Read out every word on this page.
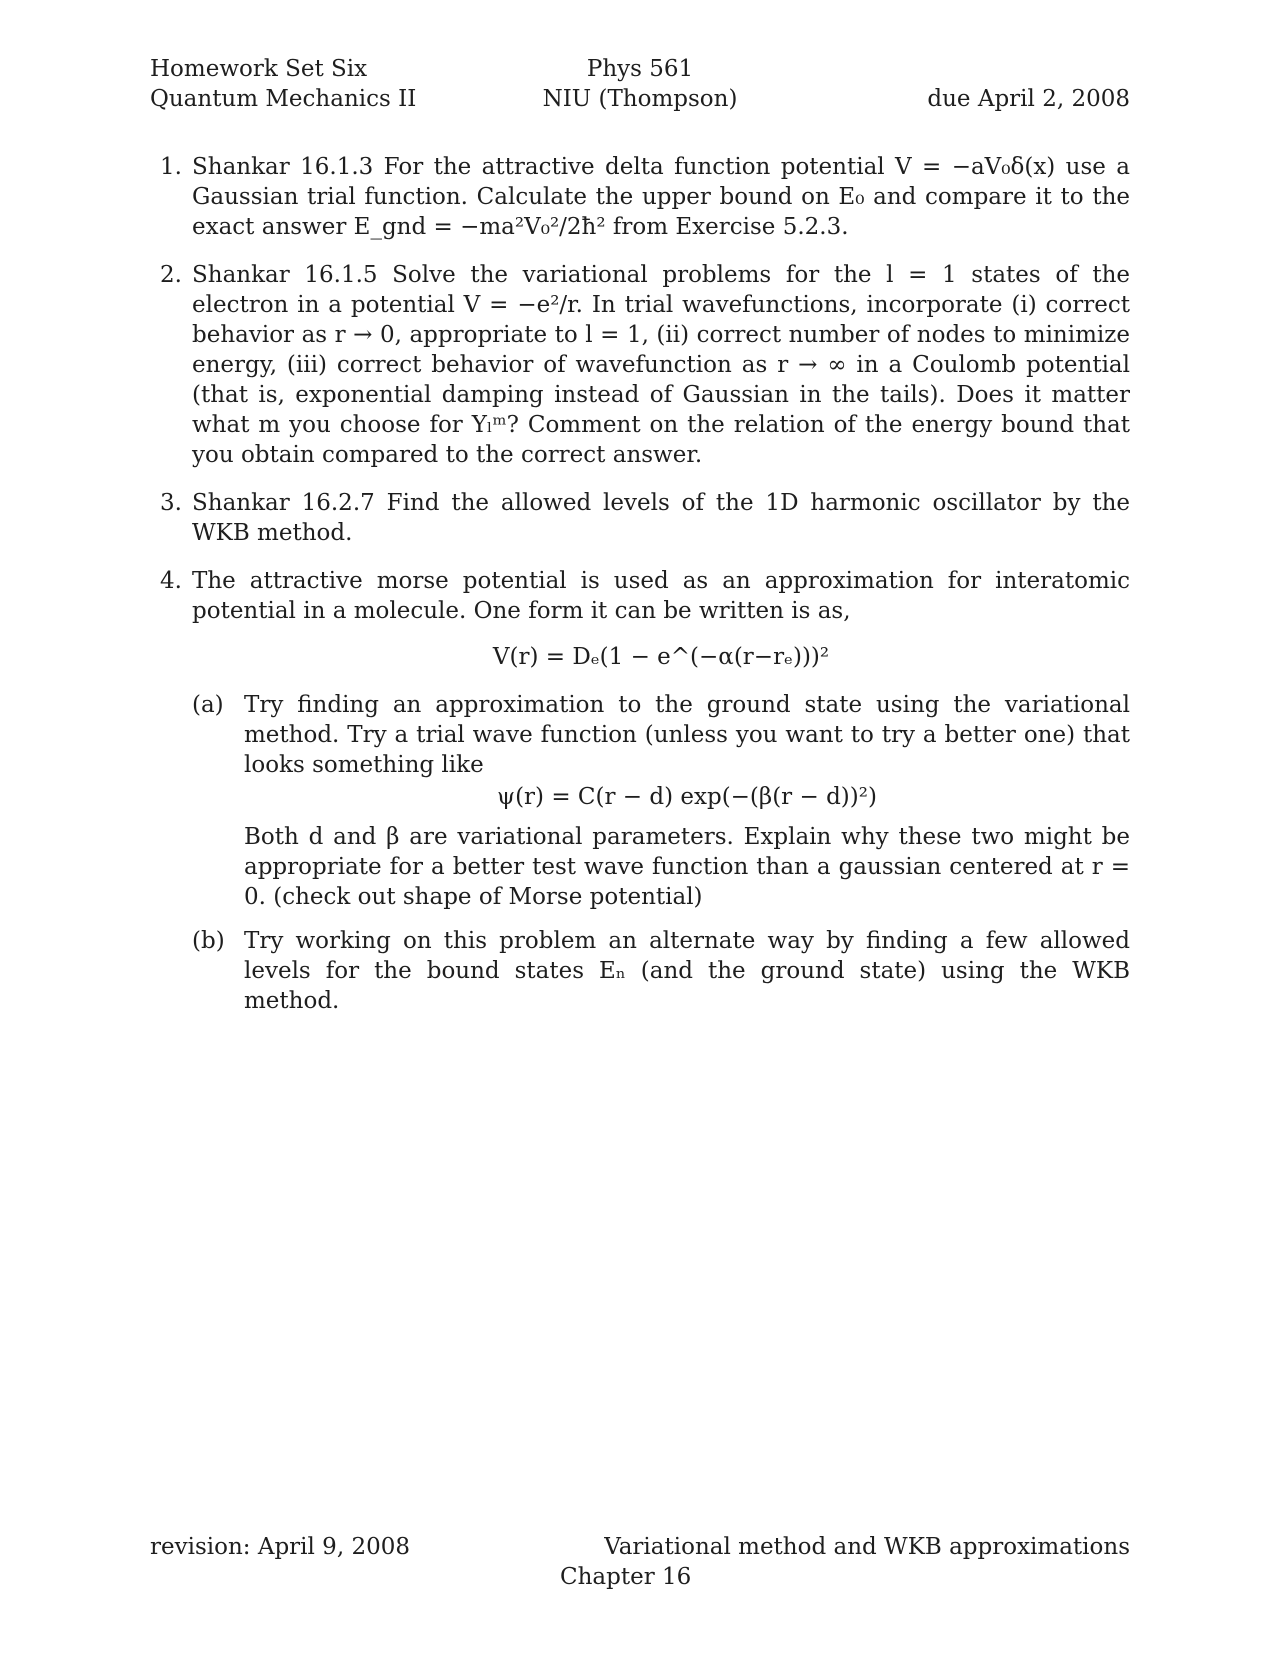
Homework Set Six
Quantum Mechanics II
Phys 561
NIU (Thompson)	due April 2, 2008
1. Shankar 16.1.3 For the attractive delta function potential V = −aV₀δ(x) use a Gaussian trial function. Calculate the upper bound on E₀ and compare it to the exact answer E_gnd = −ma²V₀²/2ħ² from Exercise 5.2.3.

2. Shankar 16.1.5 Solve the variational problems for the l = 1 states of the electron in a potential V = −e²/r. In trial wavefunctions, incorporate (i) correct behavior as r → 0, appropriate to l = 1, (ii) correct number of nodes to minimize energy, (iii) correct behavior of wavefunction as r → ∞ in a Coulomb potential (that is, exponential damping instead of Gaussian in the tails). Does it matter what m you choose for Yₗᵐ? Comment on the relation of the energy bound that you obtain compared to the correct answer.

3. Shankar 16.2.7 Find the allowed levels of the 1D harmonic oscillator by the WKB method.

4. The attractive morse potential is used as an approximation for interatomic potential in a molecule. One form it can be written is as,

V(r) = Dₑ(1 − e^(−α(r−rₑ)))²
(a) Try finding an approximation to the ground state using the variational method. Try a trial wave function (unless you want to try a better one) that looks something like

ψ(r) = C(r − d) exp(−(β(r − d))²)

Both d and β are variational parameters. Explain why these two might be appropriate for a better test wave function than a gaussian centered at r = 0. (check out shape of Morse potential)

(b) Try working on this problem an alternate way by finding a few allowed levels for the bound states Eₙ (and the ground state) using the WKB method.

revision: April 9, 2008	Variational method and WKB approximations
Chapter 16
